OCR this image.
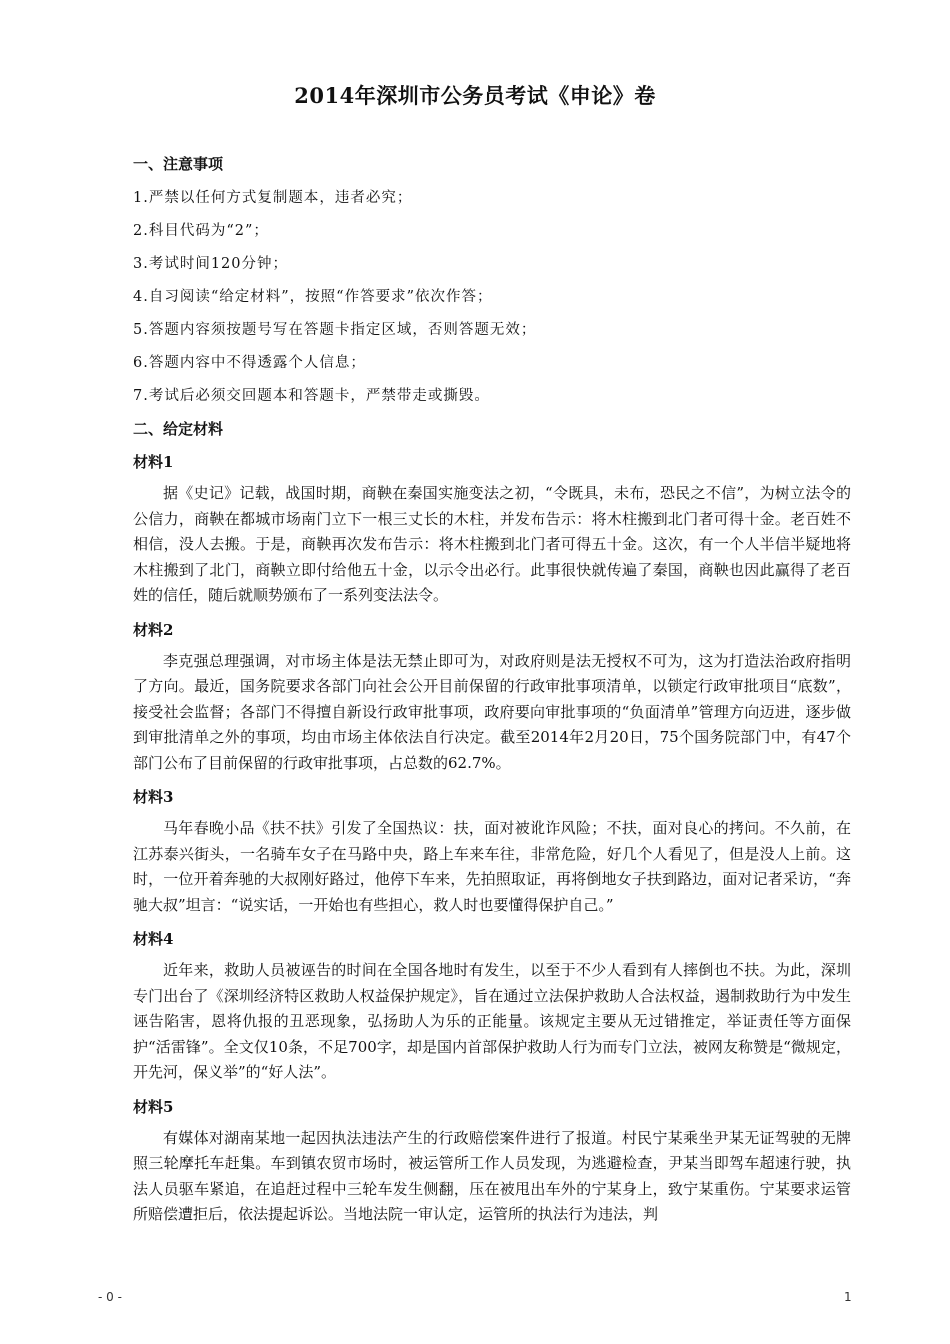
2014年深圳市公务员考试《申论》卷
一、注意事项
1.严禁以任何方式复制题本，违者必究；
2.科目代码为“2”；
3.考试时间120分钟；
4.自习阅读“给定材料”，按照“作答要求”依次作答；
5.答题内容须按题号写在答题卡指定区域，否则答题无效；
6.答题内容中不得透露个人信息；
7.考试后必须交回题本和答题卡，严禁带走或撕毁。
二、给定材料
材料1

据《史记》记载，战国时期，商鞅在秦国实施变法之初，“令既具，未布，恐民之不信”，为树立法令的公信力，商鞅在都城市场南门立下一根三丈长的木柱，并发布告示：将木柱搬到北门者可得十金。老百姓不相信，没人去搬。于是，商鞅再次发布告示：将木柱搬到北门者可得五十金。这次，有一个人半信半疑地将木柱搬到了北门，商鞅立即付给他五十金，以示令出必行。此事很快就传遍了秦国，商鞅也因此赢得了老百姓的信任，随后就顺势颁布了一系列变法法令。

材料2

李克强总理强调，对市场主体是法无禁止即可为，对政府则是法无授权不可为，这为打造法治政府指明了方向。最近，国务院要求各部门向社会公开目前保留的行政审批事项清单，以锁定行政审批项目“底数”，接受社会监督；各部门不得擅自新设行政审批事项，政府要向审批事项的“负面清单”管理方向迈进，逐步做到审批清单之外的事项，均由市场主体依法自行决定。截至2014年2月20日，75个国务院部门中，有47个部门公布了目前保留的行政审批事项，占总数的62.7%。

材料3

马年春晚小品《扶不扶》引发了全国热议：扶，面对被讹诈风险；不扶，面对良心的拷问。不久前，在江苏泰兴街头，一名骑车女子在马路中央，路上车来车往，非常危险，好几个人看见了，但是没人上前。这时，一位开着奔驰的大叔刚好路过，他停下车来，先拍照取证，再将倒地女子扶到路边，面对记者采访，“奔驰大叔”坦言：“说实话，一开始也有些担心，救人时也要懂得保护自己。”

材料4

近年来，救助人员被诬告的时间在全国各地时有发生，以至于不少人看到有人摔倒也不扶。为此，深圳专门出台了《深圳经济特区救助人权益保护规定》，旨在通过立法保护救助人合法权益，遏制救助行为中发生诬告陷害，恩将仇报的丑恶现象，弘扬助人为乐的正能量。该规定主要从无过错推定，举证责任等方面保护“活雷锋”。全文仅10条，不足700字，却是国内首部保护救助人行为而专门立法，被网友称赞是“微规定，开先河，保义举”的“好人法”。

材料5

有媒体对湖南某地一起因执法违法产生的行政赔偿案件进行了报道。村民宁某乘坐尹某无证驾驶的无牌照三轮摩托车赶集。车到镇农贸市场时，被运管所工作人员发现，为逃避检查，尹某当即驾车超速行驶，执法人员驱车紧追，在追赶过程中三轮车发生侧翻，压在被甩出车外的宁某身上，致宁某重伤。宁某要求运管所赔偿遭拒后，依法提起诉讼。当地法院一审认定，运管所的执法行为违法，判

- 0 -	1
